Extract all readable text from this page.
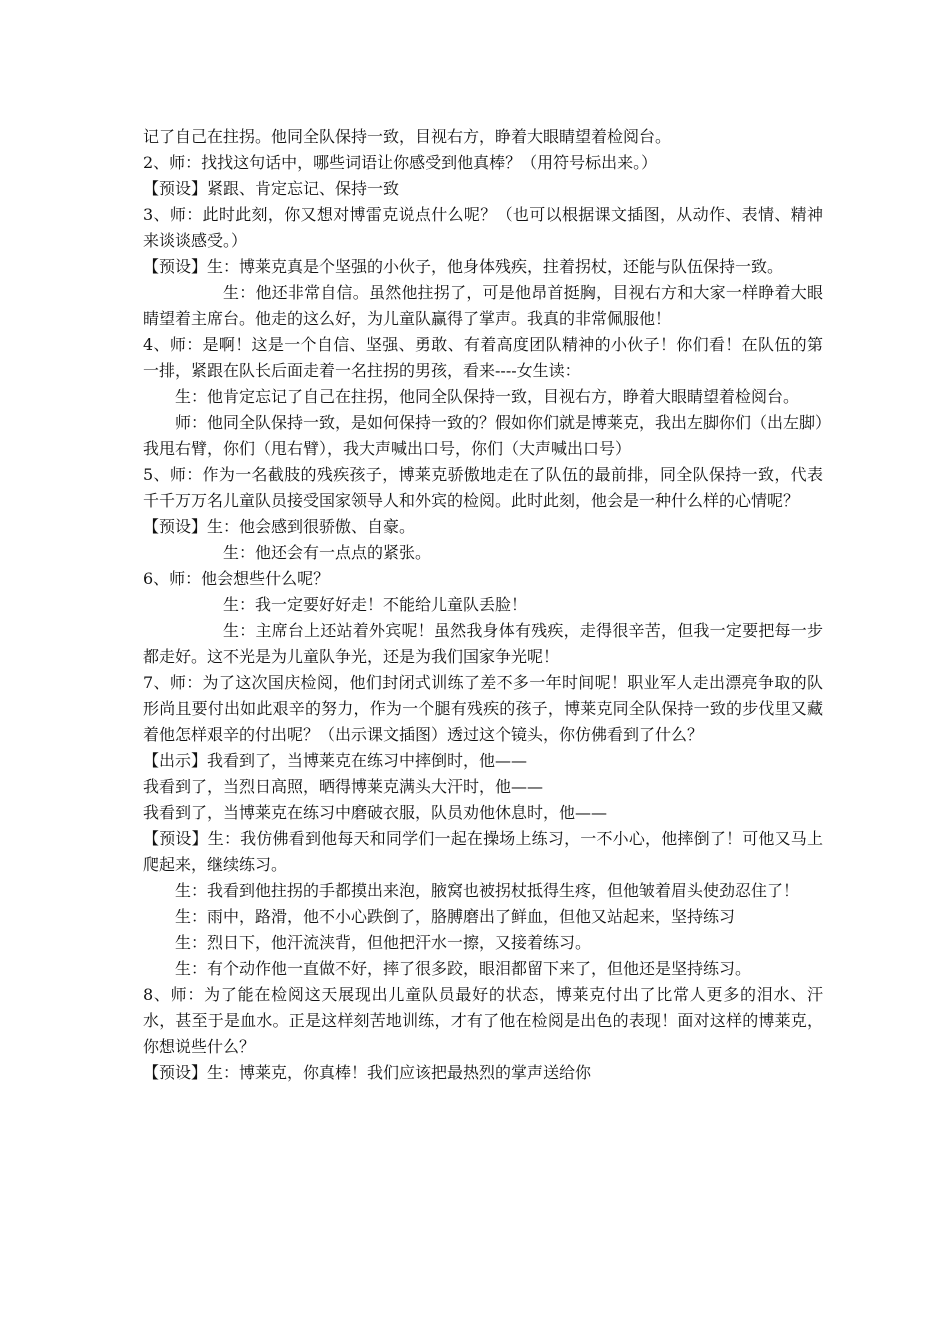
记了自己在拄拐。他同全队保持一致，目视右方，睁着大眼睛望着检阅台。

2、师：找找这句话中，哪些词语让你感受到他真棒？（用符号标出来。）

【预设】紧跟、肯定忘记、保持一致

3、师：此时此刻，你又想对博雷克说点什么呢？（也可以根据课文插图，从动作、表情、精神来谈谈感受。）

【预设】生：博莱克真是个坚强的小伙子，他身体残疾，拄着拐杖，还能与队伍保持一致。

生：他还非常自信。虽然他拄拐了，可是他昂首挺胸，目视右方和大家一样睁着大眼睛望着主席台。他走的这么好，为儿童队赢得了掌声。我真的非常佩服他！

4、师：是啊！这是一个自信、坚强、勇敢、有着高度团队精神的小伙子！你们看！在队伍的第一排，紧跟在队长后面走着一名拄拐的男孩，看来----女生读：

生：他肯定忘记了自己在拄拐，他同全队保持一致，目视右方，睁着大眼睛望着检阅台。

师：他同全队保持一致，是如何保持一致的？假如你们就是博莱克，我出左脚你们（出左脚）我甩右臂，你们（甩右臂），我大声喊出口号，你们（大声喊出口号）

5、师：作为一名截肢的残疾孩子，博莱克骄傲地走在了队伍的最前排，同全队保持一致，代表千千万万名儿童队员接受国家领导人和外宾的检阅。此时此刻，他会是一种什么样的心情呢？

【预设】生：他会感到很骄傲、自豪。

生：他还会有一点点的紧张。

6、师：他会想些什么呢？

生：我一定要好好走！不能给儿童队丢脸！

生：主席台上还站着外宾呢！虽然我身体有残疾，走得很辛苦，但我一定要把每一步都走好。这不光是为儿童队争光，还是为我们国家争光呢！

7、师：为了这次国庆检阅，他们封闭式训练了差不多一年时间呢！职业军人走出漂亮争取的队形尚且要付出如此艰辛的努力，作为一个腿有残疾的孩子，博莱克同全队保持一致的步伐里又藏着他怎样艰辛的付出呢？（出示课文插图）透过这个镜头，你仿佛看到了什么？

【出示】我看到了，当博莱克在练习中摔倒时，他——

我看到了，当烈日高照，晒得博莱克满头大汗时，他——

我看到了，当博莱克在练习中磨破衣服，队员劝他休息时，他——

【预设】生：我仿佛看到他每天和同学们一起在操场上练习，一不小心，他摔倒了！可他又马上爬起来，继续练习。

生：我看到他拄拐的手都摸出来泡，腋窝也被拐杖抵得生疼，但他皱着眉头使劲忍住了！

生：雨中，路滑，他不小心跌倒了，胳膊磨出了鲜血，但他又站起来，坚持练习

生：烈日下，他汗流浃背，但他把汗水一擦，又接着练习。

生：有个动作他一直做不好，摔了很多跤，眼泪都留下来了，但他还是坚持练习。

8、师：为了能在检阅这天展现出儿童队员最好的状态，博莱克付出了比常人更多的泪水、汗水，甚至于是血水。正是这样刻苦地训练，才有了他在检阅是出色的表现！面对这样的博莱克，你想说些什么？

【预设】生：博莱克，你真棒！我们应该把最热烈的掌声送给你
